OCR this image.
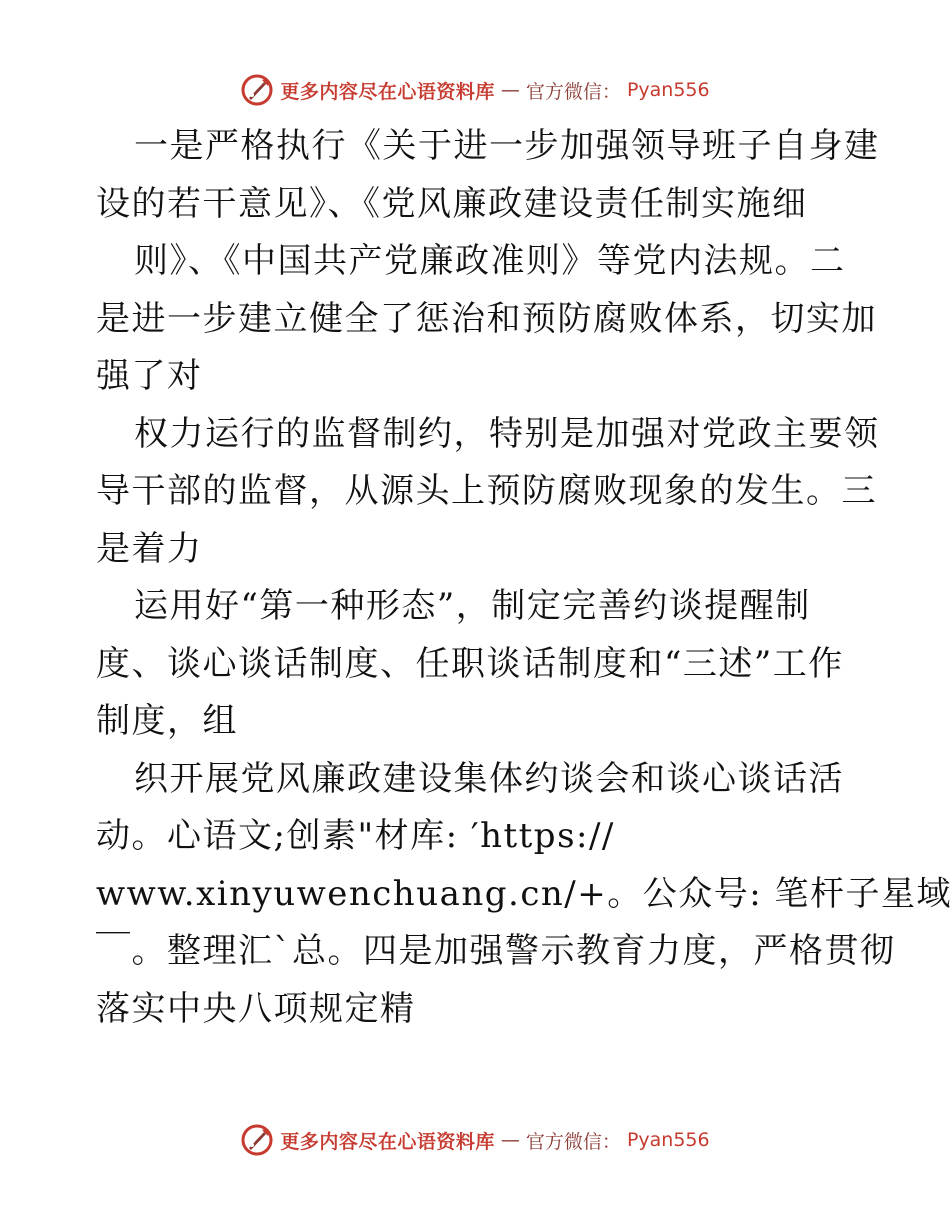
更多内容尽在心语资料库 — 官方微信： Pyan556
一是严格执行《关于进一步加强领导班子自身建
设的若干意见》、《党风廉政建设责任制实施细
则》、《中国共产党廉政准则》等党内法规。二
是进一步建立健全了惩治和预防腐败体系，切实加
强了对
权力运行的监督制约，特别是加强对党政主要领
导干部的监督，从源头上预防腐败现象的发生。三
是着力
运用好“第一种形态”，制定完善约谈提醒制
度、谈心谈话制度、任职谈话制度和“三述”工作
制度，组
织开展党风廉政建设集体约谈会和谈心谈话活
动。心语文;创素"材库: ′https://
www.xinyuwenchuang.cn/+。公众号: 笔杆子星域
￣。整理汇`总。四是加强警示教育力度，严格贯彻
落实中央八项规定精
更多内容尽在心语资料库 — 官方微信： Pyan556
